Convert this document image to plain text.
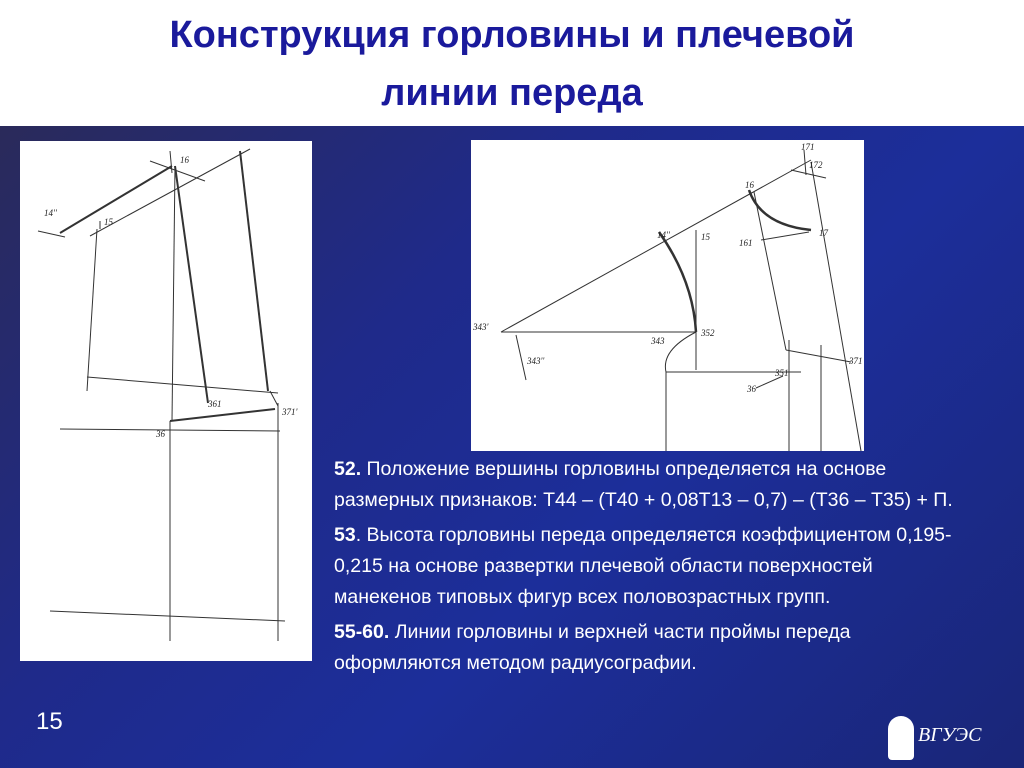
Конструкция горловины и плечевой
линии переда
16
14''
15
361
371'
36
171
172
16
17
161
14''	15
343'
343
343''
352
351
36
371

52. Положение вершины горловины определяется на основе размерных признаков: Т44 – (Т40 + 0,08Т13 – 0,7) – (Т36 – Т35) + П.

53. Высота горловины переда определяется коэффициентом 0,195-0,215 на основе развертки плечевой области поверхностей манекенов типовых фигур всех половозрастных групп.

55-60. Линии горловины и верхней части проймы переда оформляются методом радиусографии.

15	ВГУЭС
